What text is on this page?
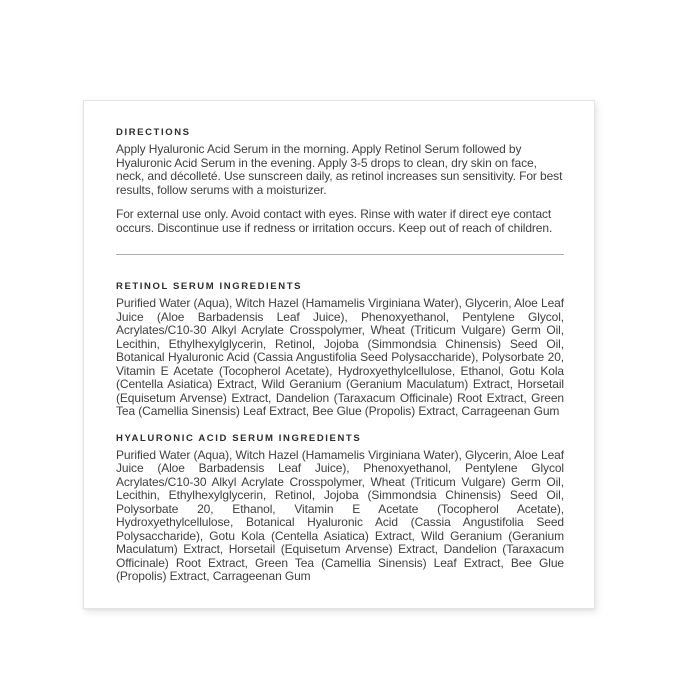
DIRECTIONS

Apply Hyaluronic Acid Serum in the morning. Apply Retinol Serum followed by Hyaluronic Acid Serum in the evening. Apply 3-5 drops to clean, dry skin on face, neck, and décolleté. Use sunscreen daily, as retinol increases sun sensitivity. For best results, follow serums with a moisturizer.

For external use only. Avoid contact with eyes. Rinse with water if direct eye contact occurs. Discontinue use if redness or irritation occurs. Keep out of reach of children.

RETINOL SERUM INGREDIENTS

Purified Water (Aqua), Witch Hazel (Hamamelis Virginiana Water), Glycerin, Aloe Leaf Juice (Aloe Barbadensis Leaf Juice), Phenoxyethanol, Pentylene Glycol, Acrylates/C10-30 Alkyl Acrylate Crosspolymer, Wheat (Triticum Vulgare) Germ Oil, Lecithin, Ethylhexylglycerin, Retinol, Jojoba (Simmondsia Chinensis) Seed Oil, Botanical Hyaluronic Acid (Cassia Angustifolia Seed Polysaccharide), Polysorbate 20, Vitamin E Acetate (Tocopherol Acetate), Hydroxyethylcellulose, Ethanol, Gotu Kola (Centella Asiatica) Extract, Wild Geranium (Geranium Maculatum) Extract, Horsetail (Equisetum Arvense) Extract, Dandelion (Taraxacum Officinale) Root Extract, Green Tea (Camellia Sinensis) Leaf Extract, Bee Glue (Propolis) Extract, Carrageenan Gum

HYALURONIC ACID SERUM INGREDIENTS

Purified Water (Aqua), Witch Hazel (Hamamelis Virginiana Water), Glycerin, Aloe Leaf Juice (Aloe Barbadensis Leaf Juice), Phenoxyethanol, Pentylene Glycol Acrylates/C10-30 Alkyl Acrylate Crosspolymer, Wheat (Triticum Vulgare) Germ Oil, Lecithin, Ethylhexylglycerin, Retinol, Jojoba (Simmondsia Chinensis) Seed Oil, Polysorbate 20, Ethanol, Vitamin E Acetate (Tocopherol Acetate), Hydroxyethylcellulose, Botanical Hyaluronic Acid (Cassia Angustifolia Seed Polysaccharide), Gotu Kola (Centella Asiatica) Extract, Wild Geranium (Geranium Maculatum) Extract, Horsetail (Equisetum Arvense) Extract, Dandelion (Taraxacum Officinale) Root Extract, Green Tea (Camellia Sinensis) Leaf Extract, Bee Glue (Propolis) Extract, Carrageenan Gum
